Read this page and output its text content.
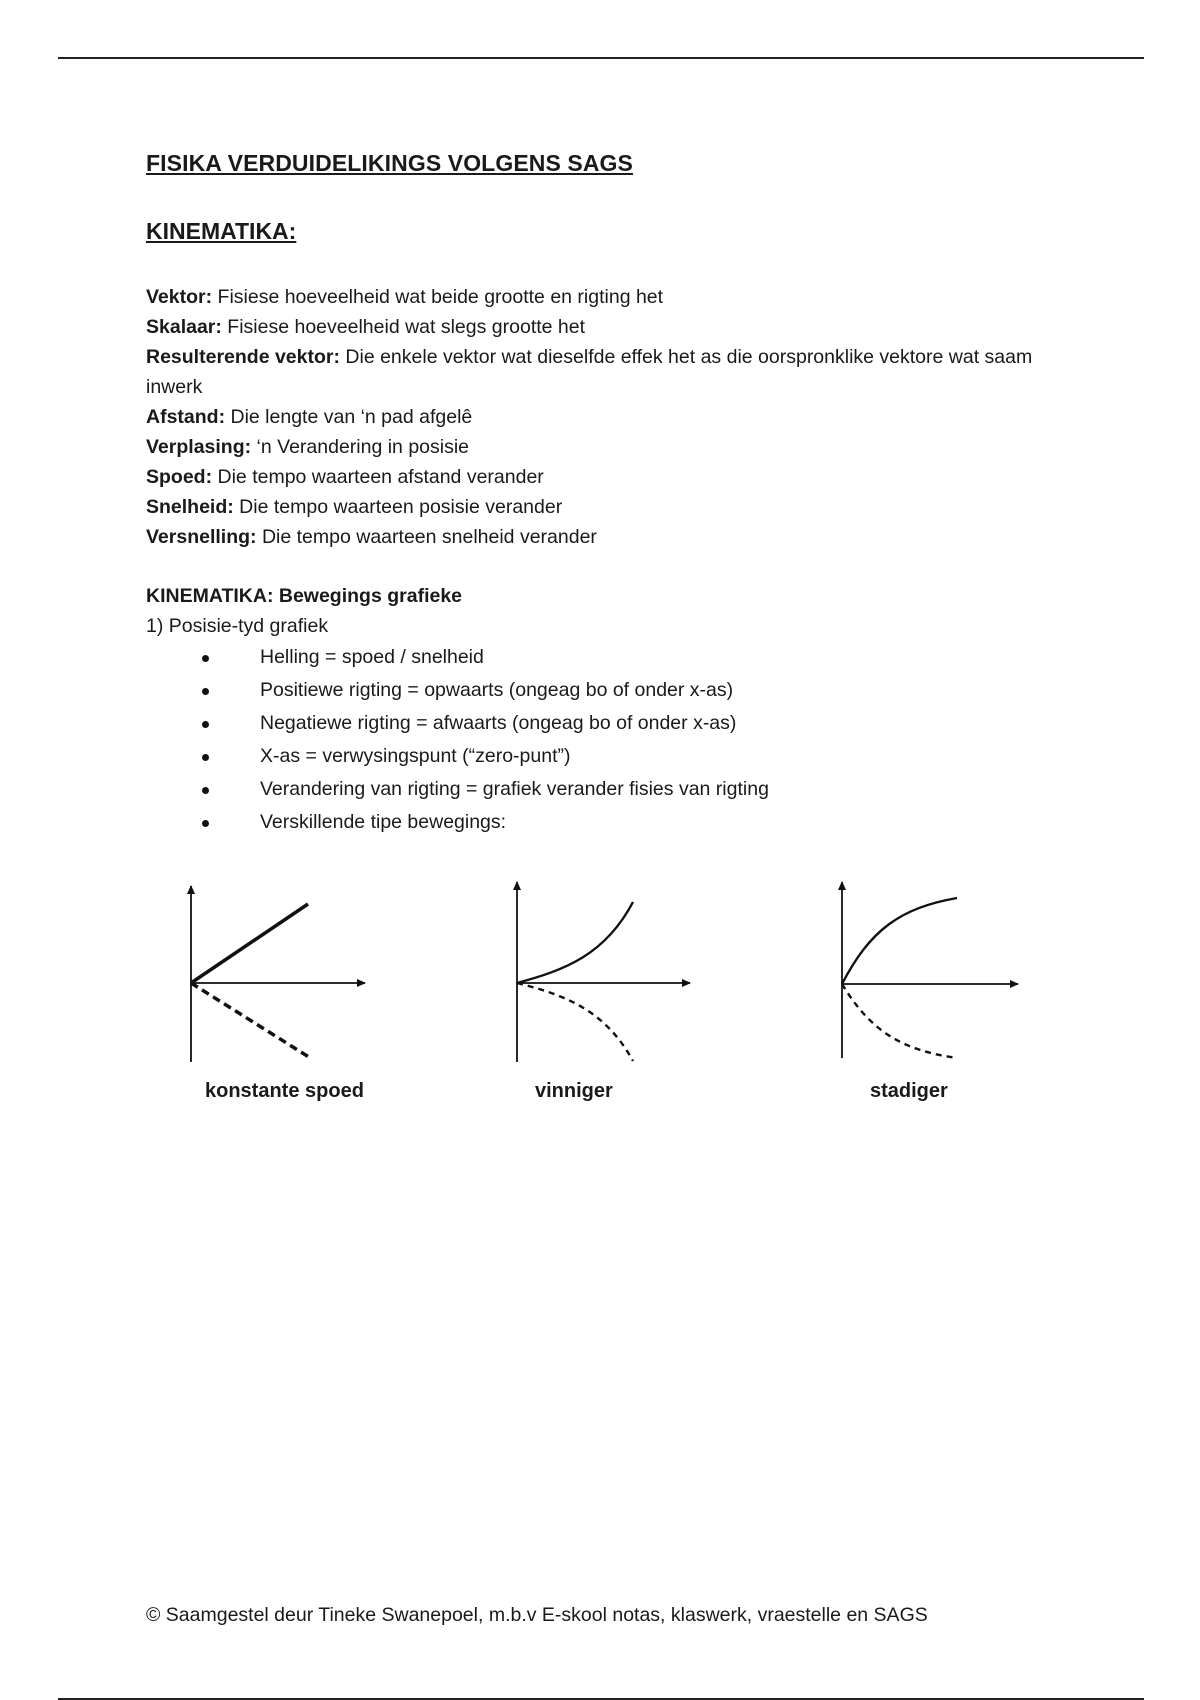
FISIKA VERDUIDELIKINGS VOLGENS SAGS
KINEMATIKA:
Vektor: Fisiese hoeveelheid wat beide grootte en rigting het
Skalaar: Fisiese hoeveelheid wat slegs grootte het
Resulterende vektor: Die enkele vektor wat dieselfde effek het as die oorspronklike vektore wat saam inwerk
Afstand: Die lengte van ‘n pad afgelê
Verplasing: ‘n Verandering in posisie
Spoed: Die tempo waarteen afstand verander
Snelheid: Die tempo waarteen posisie verander
Versnelling: Die tempo waarteen snelheid verander
KINEMATIKA: Bewegings grafieke

1) Posisie-tyd grafiek

Helling = spoed / snelheid
Positiewe rigting = opwaarts (ongeag bo of onder x-as)
Negatiewe rigting = afwaarts (ongeag bo of onder x-as)
X-as = verwysingspunt (“zero-punt”)
Verandering van rigting = grafiek verander fisies van rigting
Verskillende tipe bewegings:
konstante spoed	vinniger	stadiger
© Saamgestel deur Tineke Swanepoel, m.b.v E-skool notas, klaswerk, vraestelle en SAGS
